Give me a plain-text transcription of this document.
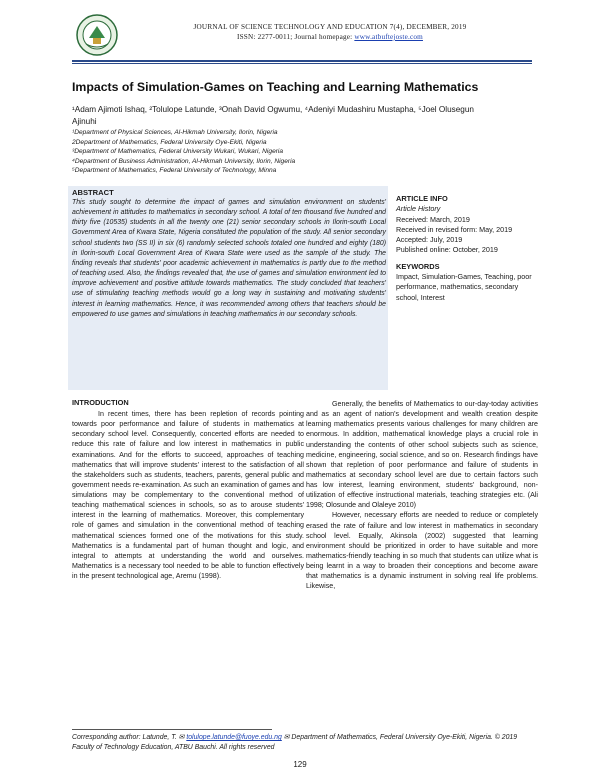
JOURNAL OF SCIENCE TECHNOLOGY AND EDUCATION 7(4), DECEMBER, 2019
ISSN: 2277-0011; Journal homepage: www.atbuftejoste.com
Impacts of Simulation-Games on Teaching and Learning Mathematics
¹Adam Ajimoti Ishaq, ²Tolulope Latunde, ³Onah David Ogwumu, ⁴Adeniyi Mudashiru Mustapha, ⁵Joel Olusegun
Ajinuhi
¹Department of Physical Sciences, Al-Hikmah University, Ilorin, Nigeria
2Department of Mathematics, Federal University Oye-Ekiti, Nigeria
³Department of Mathematics, Federal University Wukari, Wukari, Nigeria
⁴Department of Business Administration, Al-Hikmah University, Ilorin, Nigeria
⁵Department of Mathematics, Federal University of Technology, Minna
ABSTRACT
This study sought to determine the impact of games and simulation environment on students' achievement in attitudes to mathematics in secondary school. A total of ten thousand five hundred and thirty five (10535) students in all the twenty one (21) senior secondary schools in Ilorin-south Local Government Area of Kwara State, Nigeria constituted the population of the study. All senior secondary school students two (SS II) in six (6) randomly selected schools totaled one hundred and eighty (180) in Ilorin-south Local Government Area of Kwara State were used as the sample of the study. The finding reveals that students' poor academic achievement in mathematics is partly due to the method of teaching used. Also, the findings revealed that, the use of games and simulation environment led to improve achievement and positive attitude towards mathematics. The study concluded that teachers' use of stimulating teaching methods would go a long way in sustaining and motivating students' interest in learning mathematics. Hence, it was recommended among others that teachers should be empowered to use games and simulations in teaching mathematics in our secondary schools.
ARTICLE INFO
Article History
Received: March, 2019
Received in revised form: May, 2019
Accepted: July, 2019
Published online: October, 2019
KEYWORDS
Impact, Simulation-Games, Teaching, poor performance, mathematics, secondary school, Interest
INTRODUCTION

In recent times, there has been repletion of records pointing towards poor performance and failure of students in mathematics at secondary school level. Consequently, concerted efforts are needed to reduce this rate of failure and low interest in mathematics in public examinations. And for the efforts to succeed, approaches of teaching mathematics that will improve students' interest to the satisfaction of all the stakeholders such as students, teachers, parents, general public and government needs re-examination. As such an examination of games and simulations may be complementary to the conventional method of teaching mathematical sciences in schools, so as to arouse students' interest in the learning of mathematics. Moreover, this complementary role of games and simulation in the conventional method of teaching mathematical sciences formed one of the motivations for this study. Mathematics is a fundamental part of human thought and logic, and integral to attempts at understanding the world and ourselves. Mathematics is a necessary tool needed to be able to function effectively in the present technological age, Aremu (1998).

Generally, the benefits of Mathematics to our-day-today activities and as an agent of nation's development and wealth creation despite learning mathematics presents various challenges for many children are enormous. In addition, mathematical knowledge plays a crucial role in understanding the contents of other school subjects such as science, medicine, engineering, social science, and so on. Research findings have shown that repletion of poor performance and failure of students in mathematics at secondary school level are due to certain factors such has low interest, learning environment, students' background, non-utilization of effective instructional materials, teaching strategies etc. (Ali 1998; Olosunde and Olaleye 2010)

However, necessary efforts are needed to reduce or completely erased the rate of failure and low interest in mathematics in secondary school level. Equally, Akinsola (2002) suggested that learning environment should be prioritized in order to have suitable and more mathematics-friendly teaching in so much that students can utilize what is being learnt in a way to broaden their conceptions and become aware that mathematics is a dynamic instrument in solving real life problems. Likewise,

Corresponding author: Latunde, T. ✉ tolulope.latunde@fuoye.edu.ng ✉ Department of Mathematics, Federal University Oye-Ekiti, Nigeria. © 2019 Faculty of Technology Education, ATBU Bauchi. All rights reserved
129
